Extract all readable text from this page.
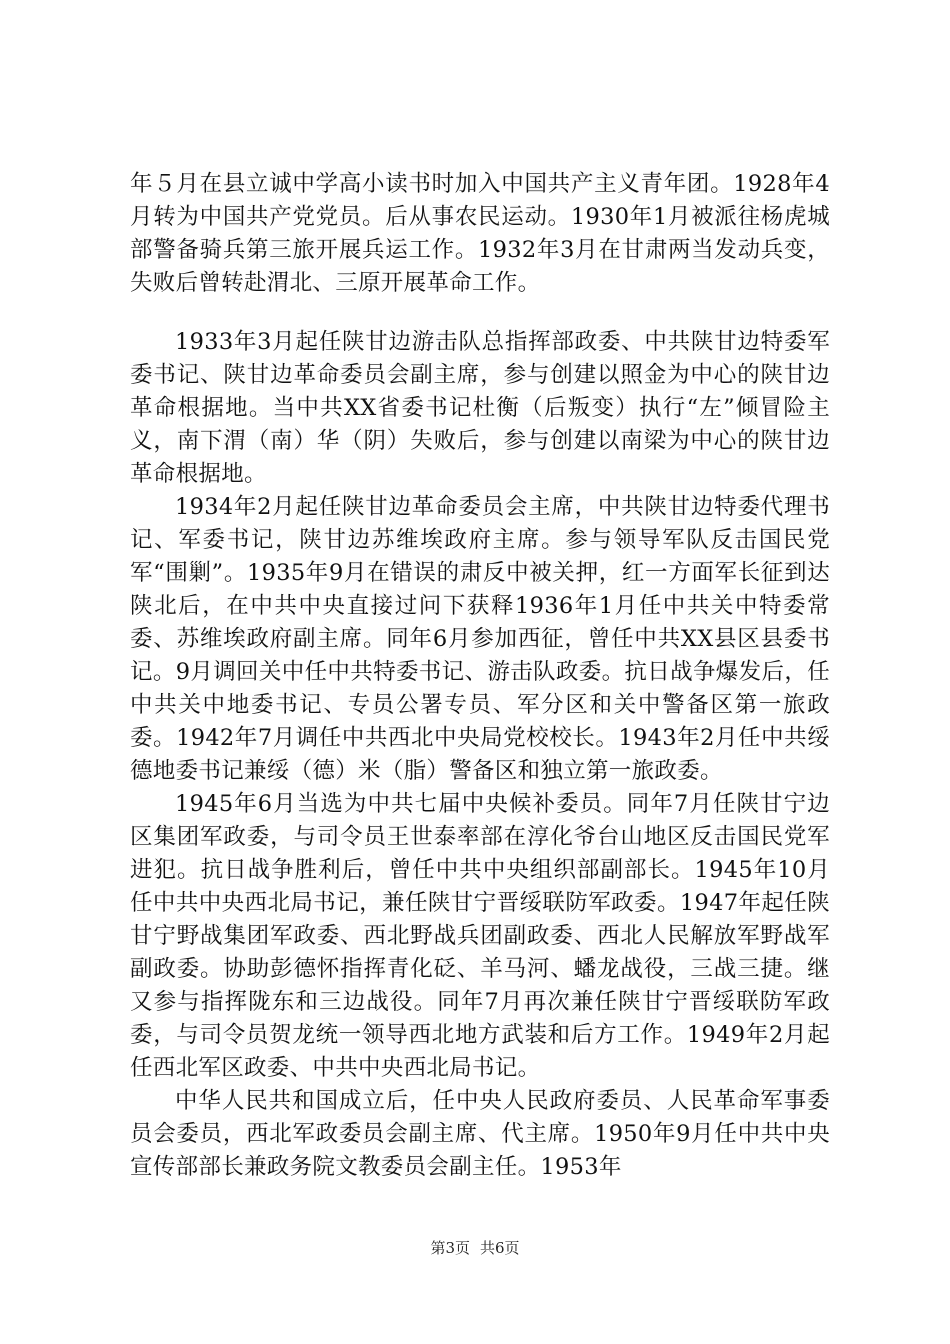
年５月在县立诚中学高小读书时加入中国共产主义青年团。1928年4月转为中国共产党党员。后从事农民运动。1930年1月被派往杨虎城部警备骑兵第三旅开展兵运工作。1932年3月在甘肃两当发动兵变，失败后曾转赴渭北、三原开展革命工作。

1933年3月起任陕甘边游击队总指挥部政委、中共陕甘边特委军委书记、陕甘边革命委员会副主席，参与创建以照金为中心的陕甘边革命根据地。当中共XX省委书记杜衡（后叛变）执行“左”倾冒险主义，南下渭（南）华（阴）失败后，参与创建以南梁为中心的陕甘边革命根据地。

1934年2月起任陕甘边革命委员会主席，中共陕甘边特委代理书记、军委书记，陕甘边苏维埃政府主席。参与领导军队反击国民党军“围剿”。1935年9月在错误的肃反中被关押，红一方面军长征到达陕北后，在中共中央直接过问下获释1936年1月任中共关中特委常委、苏维埃政府副主席。同年6月参加西征，曾任中共XX县区县委书记。9月调回关中任中共特委书记、游击队政委。抗日战争爆发后，任中共关中地委书记、专员公署专员、军分区和关中警备区第一旅政委。1942年7月调任中共西北中央局党校校长。1943年2月任中共绥德地委书记兼绥（德）米（脂）警备区和独立第一旅政委。

1945年6月当选为中共七届中央候补委员。同年7月任陕甘宁边区集团军政委，与司令员王世泰率部在淳化爷台山地区反击国民党军进犯。抗日战争胜利后，曾任中共中央组织部副部长。1945年10月任中共中央西北局书记，兼任陕甘宁晋绥联防军政委。1947年起任陕甘宁野战集团军政委、西北野战兵团副政委、西北人民解放军野战军副政委。协助彭德怀指挥青化砭、羊马河、蟠龙战役，三战三捷。继又参与指挥陇东和三边战役。同年7月再次兼任陕甘宁晋绥联防军政委，与司令员贺龙统一领导西北地方武装和后方工作。1949年2月起任西北军区政委、中共中央西北局书记。

中华人民共和国成立后，任中央人民政府委员、人民革命军事委员会委员，西北军政委员会副主席、代主席。1950年9月任中共中央宣传部部长兼政务院文教委员会副主任。1953年

第3页 共6页
